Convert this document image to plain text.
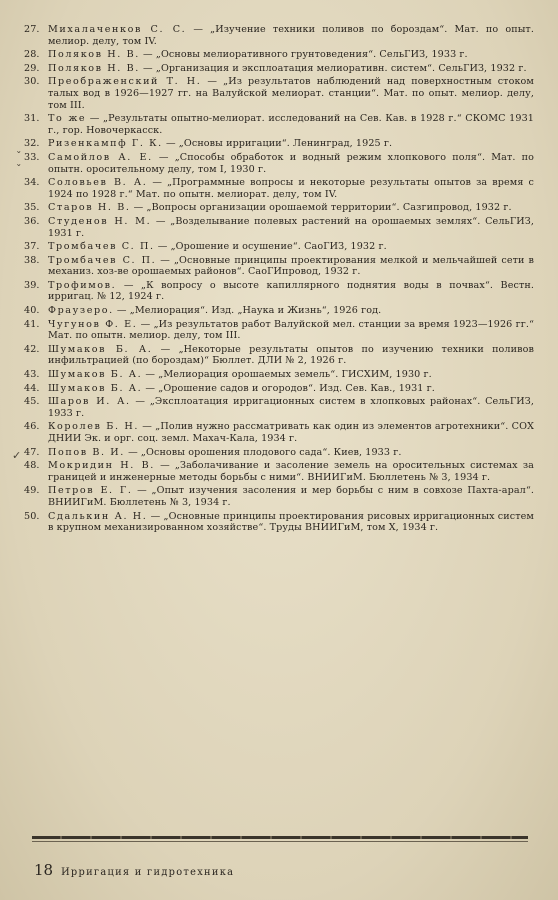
27. Михалаченков С. С. — „Изучение техники поливов по бороздам“. Мат. по опыт. мелиор. делу, том IV.
28. Поляков Н. В. — „Основы мелиоративного грунтоведения“. СельГИЗ, 1933 г.
29. Поляков Н. В. — „Организация и эксплоатация мелиоративн. систем“. СельГИЗ, 1932 г.
30. Преображенский Т. Н. — „Из результатов наблюдений над поверхностным стоком талых вод в 1926—1927 гг. на Валуйской мелиорат. станции“. Мат. по опыт. мелиор. делу, том III.
31. То же — „Результаты опытно-мелиорат. исследований на Сев. Кав. в 1928 г.“ СКОМС 1931 г., гор. Новочеркасск.
32. Ризенкампф Г. К. — „Основы ирригации“. Ленинград, 1925 г.
33. Самойлов А. Е. — „Способы обработок и водный режим хлопкового поля“. Мат. по опытн. оросительному делу, том I, 1930 г.
34. Соловьев В. А. — „Программные вопросы и некоторые результаты опытов за время с 1924 по 1928 г.“ Мат. по опытн. мелиорат. делу, том IV.
35. Старов Н. В. — „Вопросы организации орошаемой территории“. Сазгипровод, 1932 г.
36. Студенов Н. М. — „Возделывание полевых растений на орошаемых землях“. СельГИЗ, 1931 г.
37. Тромбачев С. П. — „Орошение и осушение“. СаоГИЗ, 1932 г.
38. Тромбачев С. П. — „Основные принципы проектирования мелкой и мельчайшей сети в механиз. хоз-ве орошаемых районов“. СаоГИпровод, 1932 г.
39. Трофимов. — „К вопросу о высоте капиллярного поднятия воды в почвах“. Вестн. ирригац. № 12, 1924 г.
40. Фраузеро. — „Мелиорация“. Изд. „Наука и Жизнь“, 1926 год.
41. Чугунов Ф. Е. — „Из результатов работ Валуйской мел. станции за время 1923—1926 гг.“ Мат. по опытн. мелиор. делу, том III.
42. Шумаков Б. А. — „Некоторые результаты опытов по изучению техники поливов инфильтрацией (по бороздам)“ Бюллет. ДЛИ № 2, 1926 г.
43. Шумаков Б. А. — „Мелиорация орошаемых земель“. ГИСХИМ, 1930 г.
44. Шумаков Б. А. — „Орошение садов и огородов“. Изд. Сев. Кав., 1931 г.
45. Шаров И. А. — „Эксплоатация ирригационных систем в хлопковых районах“. СельГИЗ, 1933 г.
46. Королев Б. Н. — „Полив нужно рассматривать как один из элементов агротехники“. СОХ ДНИИ Эк. и орг. соц. земл. Махач-Кала, 1934 г.
47. Попов В. И. — „Основы орошения плодового сада“. Киев, 1933 г.
48. Мокридин Н. В. — „Заболачивание и засоление земель на оросительных системах за границей и инженерные методы борьбы с ними“. ВНИИГиМ. Бюллетень № 3, 1934 г.
49. Петров Е. Г. — „Опыт изучения засоления и мер борьбы с ним в совхозе Пахта-арал“. ВНИИГиМ. Бюллетень № 3, 1934 г.
50. Сдалькин А. Н. — „Основные принципы проектирования рисовых ирригационных систем в крупном механизированном хозяйстве“. Труды ВНИИГиМ, том X, 1934 г.
ˇ
ˇ
✓
18 Ирригация и гидротехника
